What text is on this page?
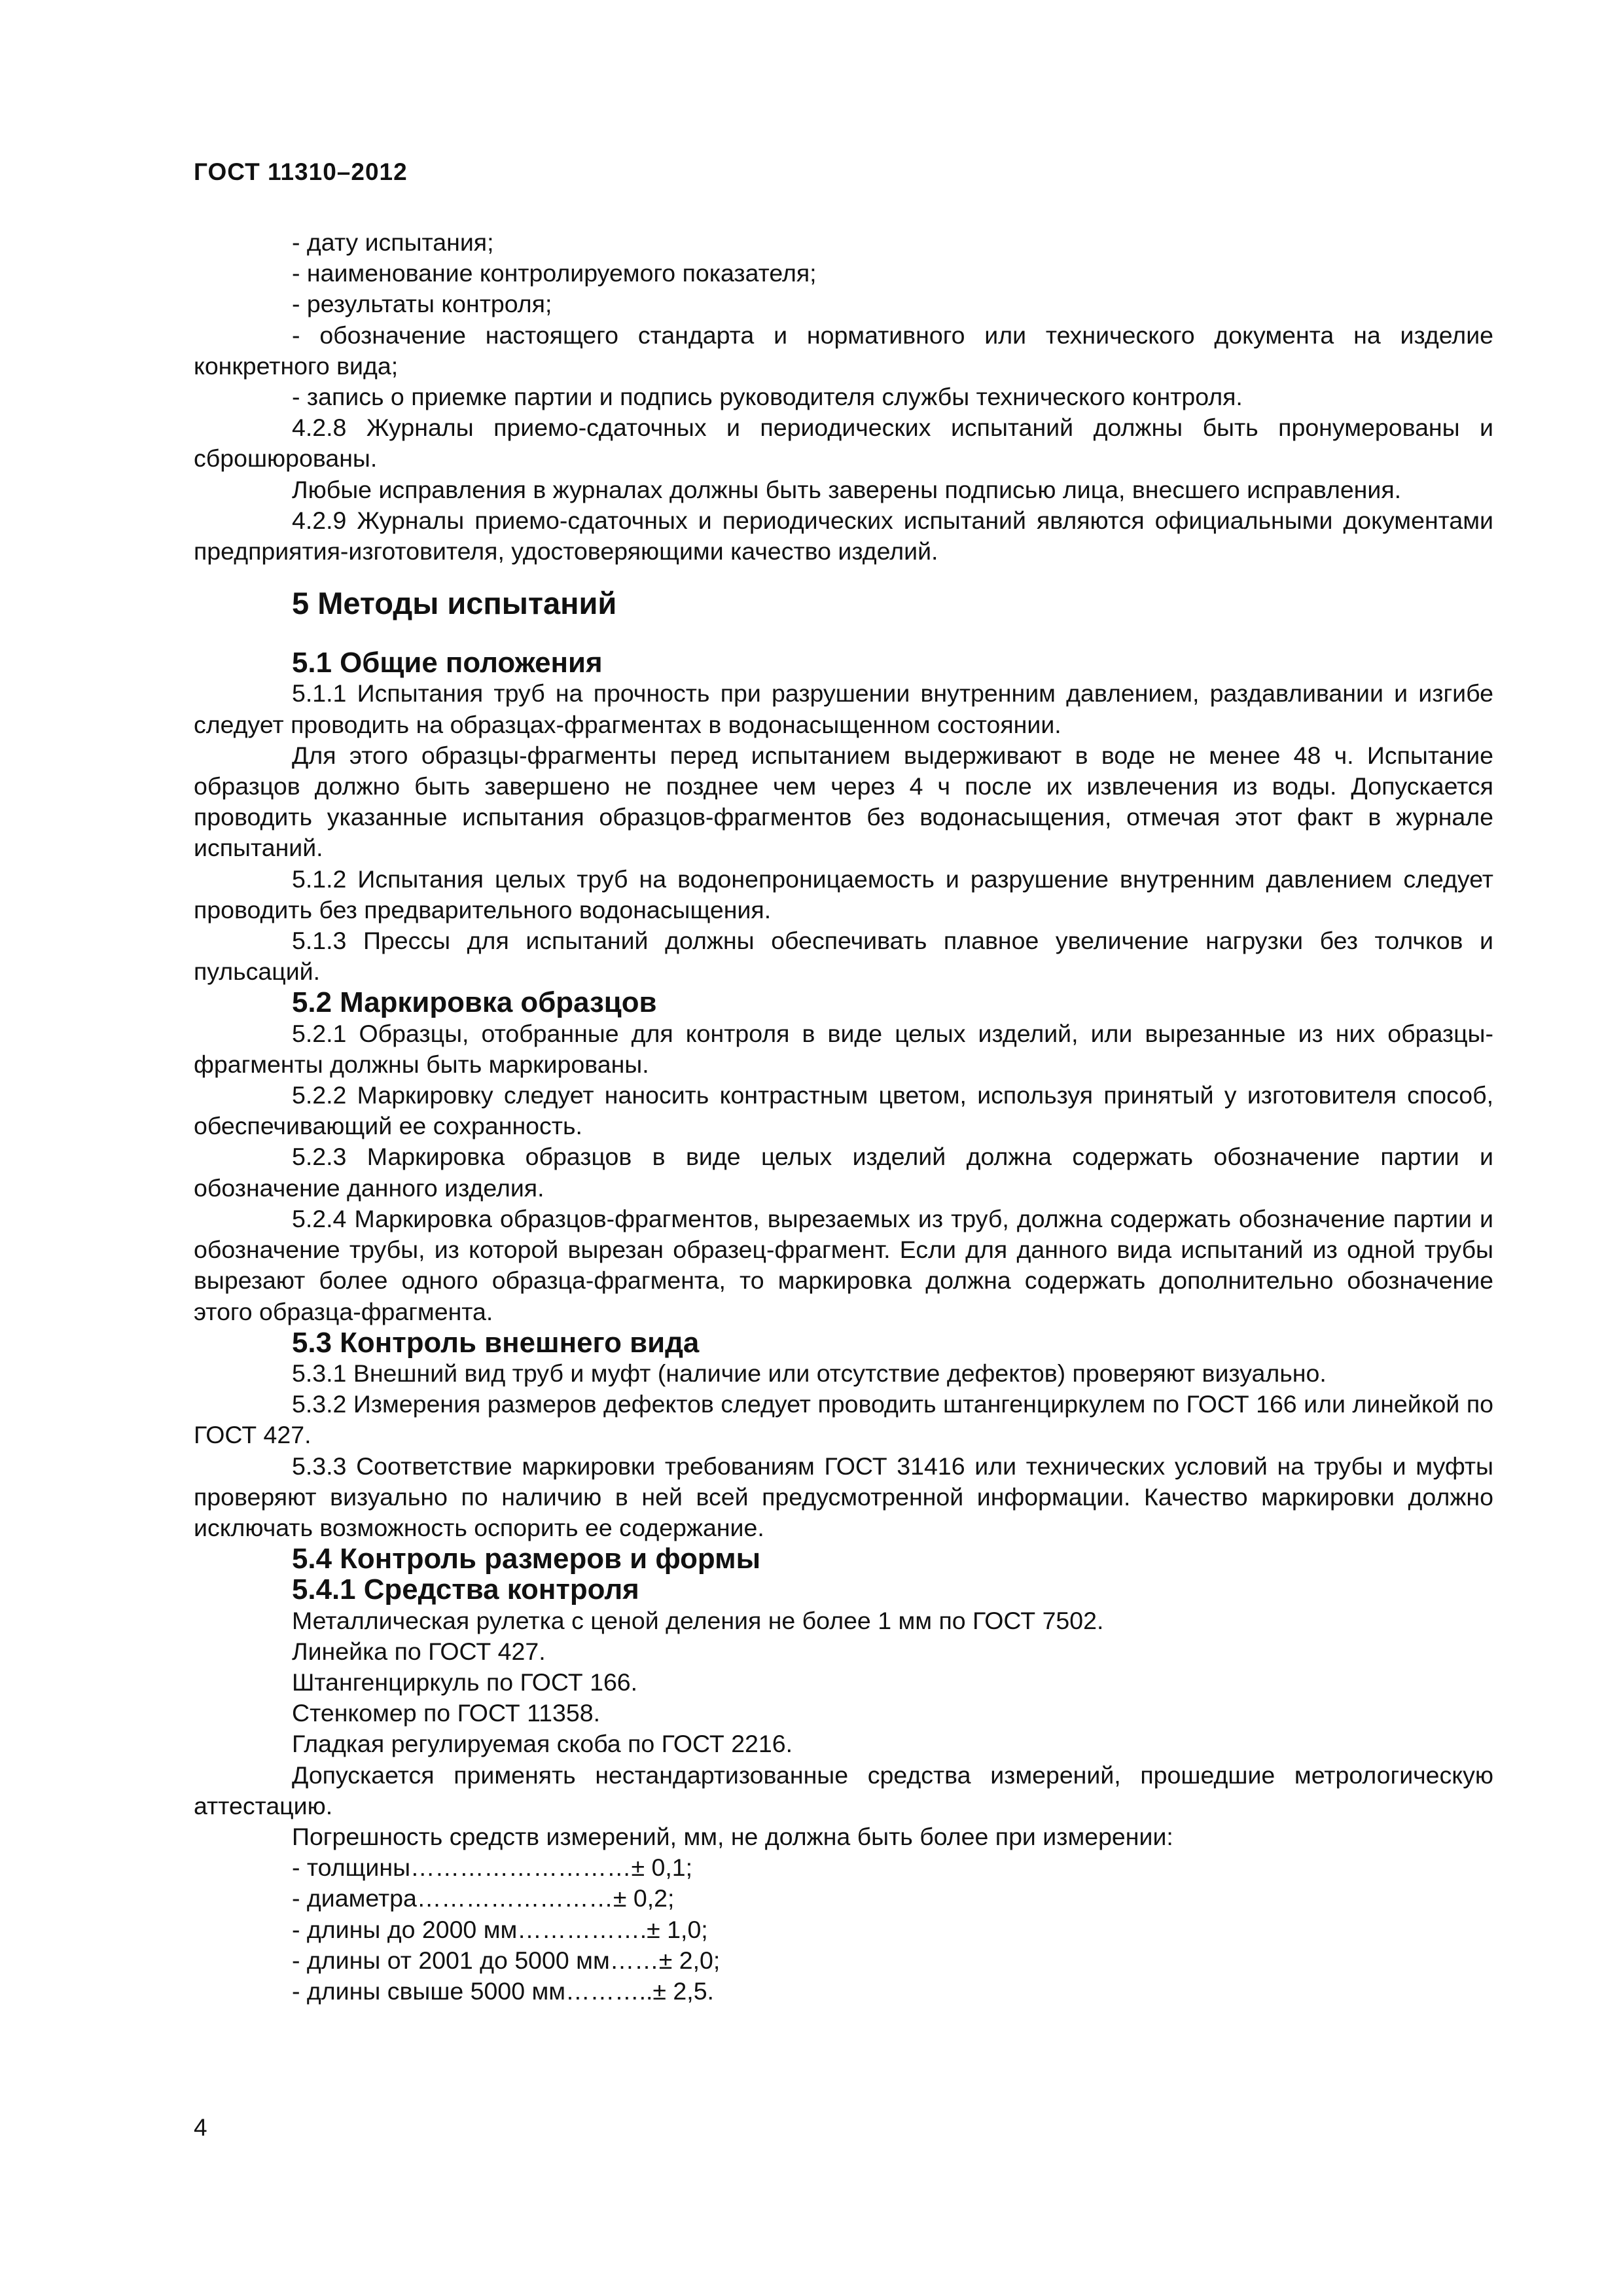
ГОСТ 11310–2012

- дату испытания;

- наименование контролируемого показателя;

- результаты контроля;

- обозначение настоящего стандарта и нормативного или технического документа на изделие конкретного вида;

- запись о приемке партии и подпись руководителя службы технического контроля.

4.2.8 Журналы приемо-сдаточных и периодических испытаний должны быть пронумерованы и сброшюрованы.

Любые исправления в журналах должны быть заверены подписью лица, внесшего исправления.

4.2.9 Журналы приемо-сдаточных и периодических испытаний являются официальными документами предприятия-изготовителя, удостоверяющими качество изделий.

5 Методы испытаний
5.1 Общие положения

5.1.1 Испытания труб на прочность при разрушении внутренним давлением, раздавливании и изгибе следует проводить на образцах-фрагментах в водонасыщенном состоянии.

Для этого образцы-фрагменты перед испытанием выдерживают в воде не менее 48 ч. Испытание образцов должно быть завершено не позднее чем через 4 ч после их извлечения из воды. Допускается проводить указанные испытания образцов-фрагментов без водонасыщения, отмечая этот факт в журнале испытаний.

5.1.2 Испытания целых труб на водонепроницаемость и разрушение внутренним давлением следует проводить без предварительного водонасыщения.

5.1.3 Прессы для испытаний должны обеспечивать плавное увеличение нагрузки без толчков и пульсаций.

5.2 Маркировка образцов

5.2.1 Образцы, отобранные для контроля в виде целых изделий, или вырезанные из них образцы-фрагменты должны быть маркированы.

5.2.2 Маркировку следует наносить контрастным цветом, используя принятый у изготовителя способ, обеспечивающий ее сохранность.

5.2.3 Маркировка образцов в виде целых изделий должна содержать обозначение партии и обозначение данного изделия.

5.2.4 Маркировка образцов-фрагментов, вырезаемых из труб, должна содержать обозначение партии и обозначение трубы, из которой вырезан образец-фрагмент. Если для данного вида испытаний из одной трубы вырезают более одного образца-фрагмента, то маркировка должна содержать дополнительно обозначение этого образца-фрагмента.

5.3 Контроль внешнего вида

5.3.1 Внешний вид труб и муфт (наличие или отсутствие дефектов) проверяют визуально.

5.3.2 Измерения размеров дефектов следует проводить штангенциркулем по ГОСТ 166 или линейкой по ГОСТ 427.

5.3.3 Соответствие маркировки требованиям ГОСТ 31416 или технических условий на трубы и муфты проверяют визуально по наличию в ней всей предусмотренной информации. Качество маркировки должно исключать возможность оспорить ее содержание.

5.4 Контроль размеров и формы
5.4.1 Средства контроля

Металлическая рулетка с ценой деления не более 1 мм по ГОСТ 7502.

Линейка по ГОСТ 427.

Штангенциркуль по ГОСТ 166.

Стенкомер по ГОСТ 11358.

Гладкая регулируемая скоба по ГОСТ 2216.

Допускается применять нестандартизованные средства измерений, прошедшие метрологическую аттестацию.

Погрешность средств измерений, мм, не должна быть более при измерении:

- толщины………………………± 0,1;

- диаметра……………………± 0,2;

- длины до 2000 мм…………….± 1,0;

- длины от 2001 до 5000 мм……± 2,0;

- длины свыше 5000 мм………..± 2,5.

4
